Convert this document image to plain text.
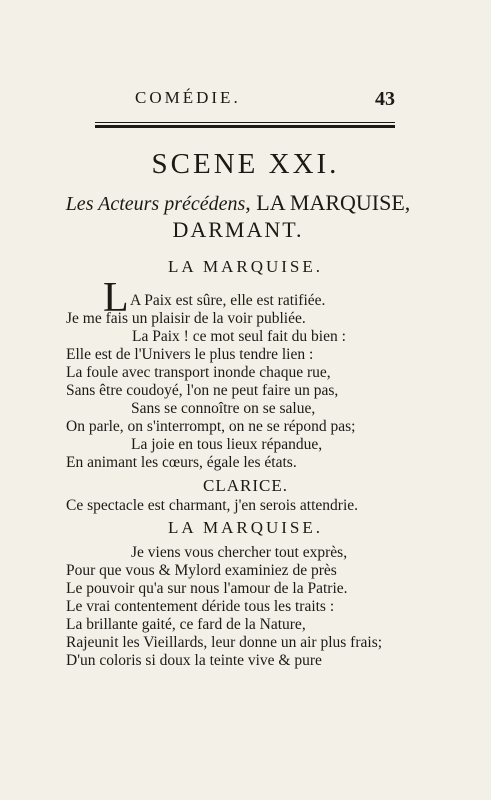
COMÉDIE.	43
SCENE XXI.
Les Acteurs précédens, LA MARQUISE,
DARMANT.
LA MARQUISE.
L A Paix est sûre, elle est ratifiée.
Je me fais un plaisir de la voir publiée.
La Paix ! ce mot seul fait du bien :
Elle est de l'Univers le plus tendre lien :
La foule avec transport inonde chaque rue,
Sans être coudoyé, l'on ne peut faire un pas,
Sans se connoître on se salue,
On parle, on s'interrompt, on ne se répond pas;
La joie en tous lieux répandue,
En animant les cœurs, égale les états.
CLARICE.
Ce spectacle est charmant, j'en serois attendrie.
LA MARQUISE.
Je viens vous chercher tout exprès,
Pour que vous & Mylord examiniez de près
Le pouvoir qu'a sur nous l'amour de la Patrie.
Le vrai contentement déride tous les traits :
La brillante gaité, ce fard de la Nature,
Rajeunit les Vieillards, leur donne un air plus frais;
D'un coloris si doux la teinte vive & pure
